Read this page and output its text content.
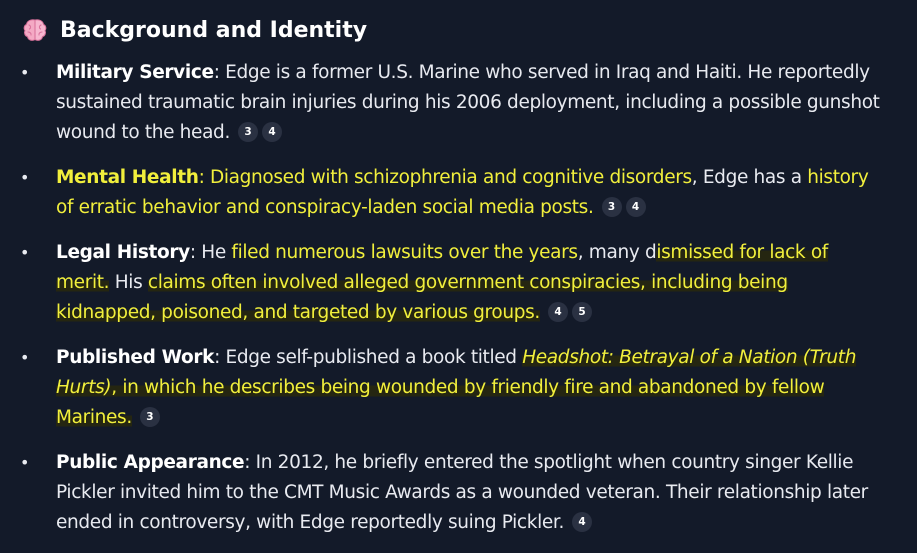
Background and Identity
• Military Service: Edge is a former U.S. Marine who served in Iraq and Haiti. He reportedly sustained traumatic brain injuries during his 2006 deployment, including a possible gunshot wound to the head. 3 4
• Mental Health: Diagnosed with schizophrenia and cognitive disorders, Edge has a history of erratic behavior and conspiracy-laden social media posts. 3 4
• Legal History: He filed numerous lawsuits over the years, many dismissed for lack of merit. His claims often involved alleged government conspiracies, including being kidnapped, poisoned, and targeted by various groups. 4 5
• Published Work: Edge self-published a book titled Headshot: Betrayal of a Nation (Truth Hurts), in which he describes being wounded by friendly fire and abandoned by fellow Marines. 3
• Public Appearance: In 2012, he briefly entered the spotlight when country singer Kellie Pickler invited him to the CMT Music Awards as a wounded veteran. Their relationship later ended in controversy, with Edge reportedly suing Pickler. 4
